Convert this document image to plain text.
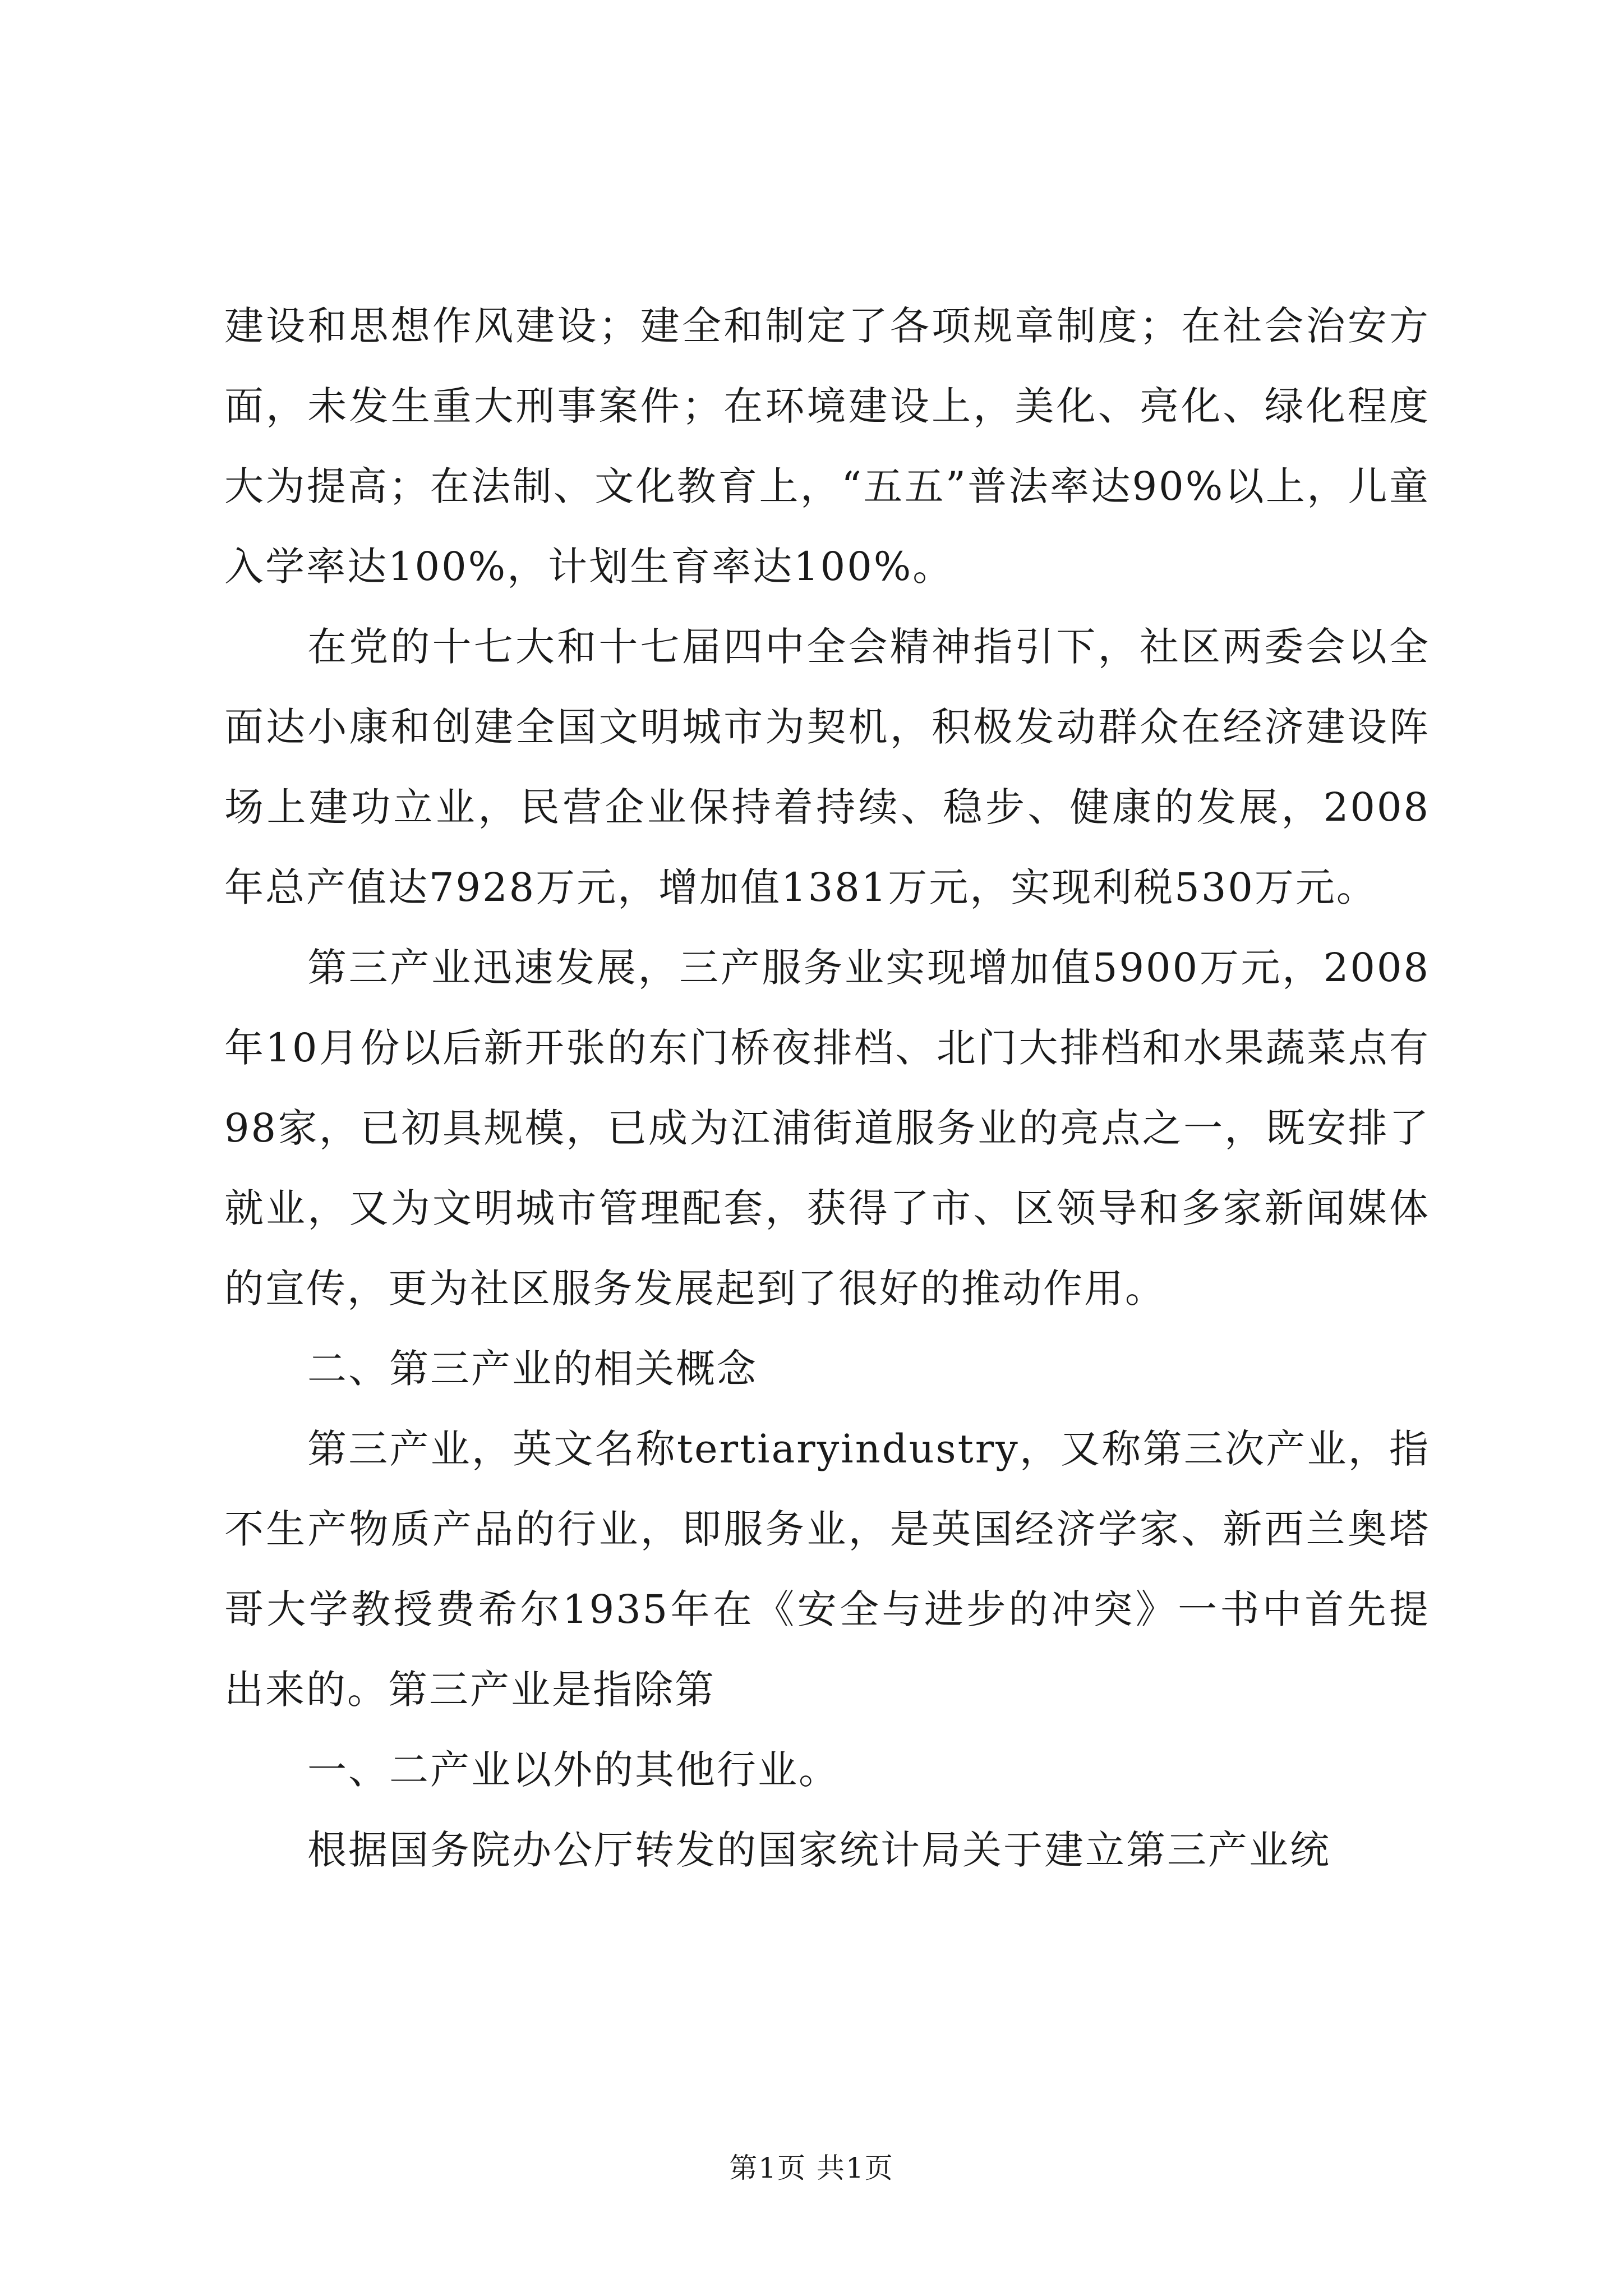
建设和思想作风建设；建全和制定了各项规章制度；在社会治安方面，未发生重大刑事案件；在环境建设上，美化、亮化、绿化程度大为提高；在法制、文化教育上，“五五”普法率达90%以上，儿童入学率达100%，计划生育率达100%。

在党的十七大和十七届四中全会精神指引下，社区两委会以全面达小康和创建全国文明城市为契机，积极发动群众在经济建设阵场上建功立业，民营企业保持着持续、稳步、健康的发展，2008年总产值达7928万元，增加值1381万元，实现利税530万元。

第三产业迅速发展，三产服务业实现增加值5900万元，2008年10月份以后新开张的东门桥夜排档、北门大排档和水果蔬菜点有98家，已初具规模，已成为江浦街道服务业的亮点之一，既安排了就业，又为文明城市管理配套，获得了市、区领导和多家新闻媒体的宣传，更为社区服务发展起到了很好的推动作用。

二、第三产业的相关概念

第三产业，英文名称tertiaryindustry，又称第三次产业，指不生产物质产品的行业，即服务业，是英国经济学家、新西兰奥塔哥大学教授费希尔1935年在《安全与进步的冲突》一书中首先提出来的。第三产业是指除第

一、二产业以外的其他行业。

根据国务院办公厅转发的国家统计局关于建立第三产业统

第1页 共1页
